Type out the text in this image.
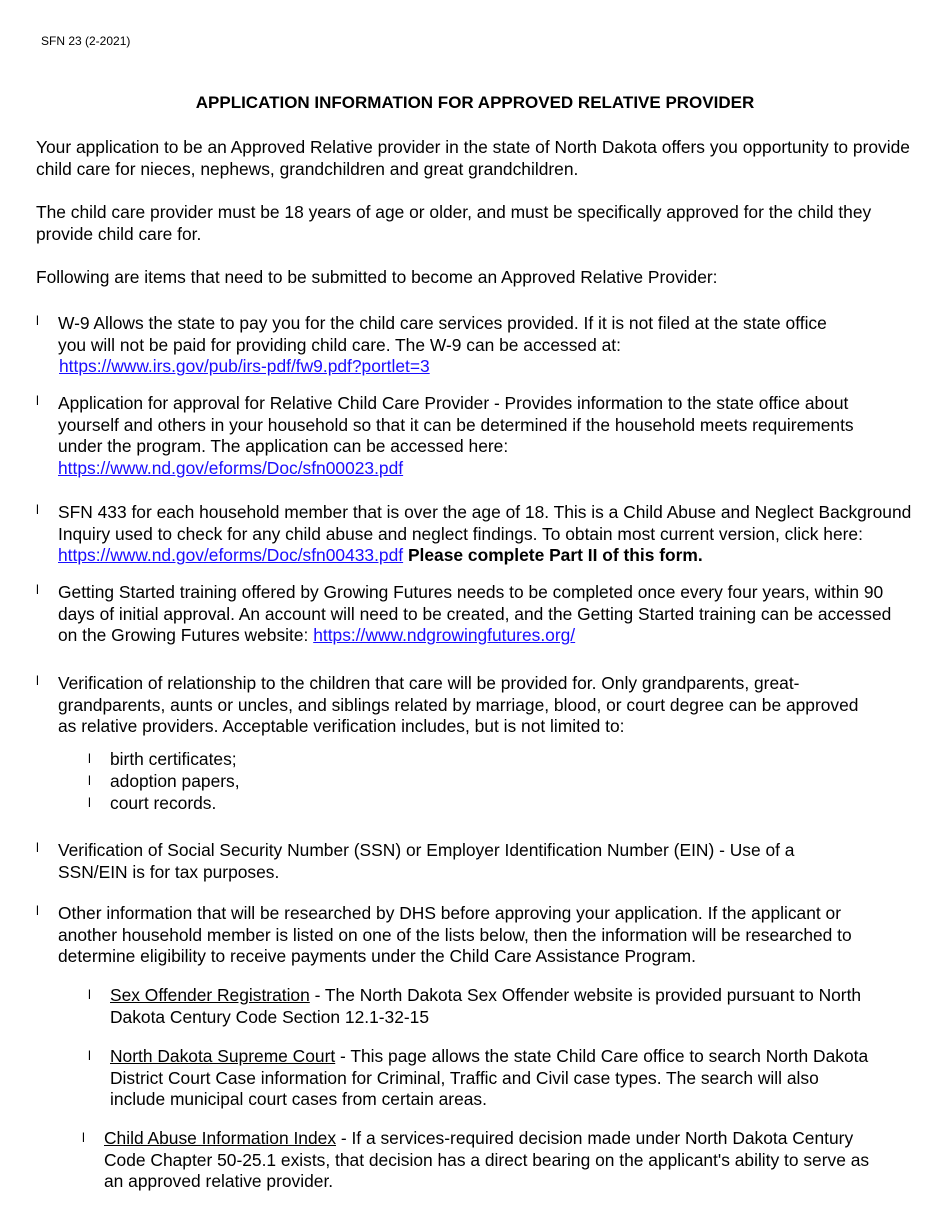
SFN 23 (2-2021)
APPLICATION INFORMATION FOR APPROVED RELATIVE PROVIDER
Your application to be an Approved Relative provider in the state of North Dakota offers you opportunity to provide child care for nieces, nephews, grandchildren and great grandchildren.
The child care provider must be 18 years of age or older, and must be specifically approved for the child they provide child care for.
Following are items that need to be submitted to become an Approved Relative Provider:
l W-9 Allows the state to pay you for the child care services provided. If it is not filed at the state office you will not be paid for providing child care. The W-9 can be accessed at:
https://www.irs.gov/pub/irs-pdf/fw9.pdf?portlet=3
l Application for approval for Relative Child Care Provider - Provides information to the state office about yourself and others in your household so that it can be determined if the household meets requirements under the program. The application can be accessed here:
https://www.nd.gov/eforms/Doc/sfn00023.pdf
l SFN 433 for each household member that is over the age of 18. This is a Child Abuse and Neglect Background Inquiry used to check for any child abuse and neglect findings. To obtain most current version, click here: https://www.nd.gov/eforms/Doc/sfn00433.pdf Please complete Part II of this form.
l Getting Started training offered by Growing Futures needs to be completed once every four years, within 90 days of initial approval. An account will need to be created, and the Getting Started training can be accessed on the Growing Futures website: https://www.ndgrowingfutures.org/
l Verification of relationship to the children that care will be provided for. Only grandparents, great-grandparents, aunts or uncles, and siblings related by marriage, blood, or court degree can be approved as relative providers. Acceptable verification includes, but is not limited to:
l birth certificates;
l adoption papers,
l court records.
l Verification of Social Security Number (SSN) or Employer Identification Number (EIN) - Use of a SSN/EIN is for tax purposes.
l Other information that will be researched by DHS before approving your application. If the applicant or another household member is listed on one of the lists below, then the information will be researched to determine eligibility to receive payments under the Child Care Assistance Program.
l Sex Offender Registration - The North Dakota Sex Offender website is provided pursuant to North Dakota Century Code Section 12.1-32-15
l North Dakota Supreme Court - This page allows the state Child Care office to search North Dakota District Court Case information for Criminal, Traffic and Civil case types. The search will also include municipal court cases from certain areas.
l Child Abuse Information Index - If a services-required decision made under North Dakota Century Code Chapter 50-25.1 exists, that decision has a direct bearing on the applicant's ability to serve as an approved relative provider.
